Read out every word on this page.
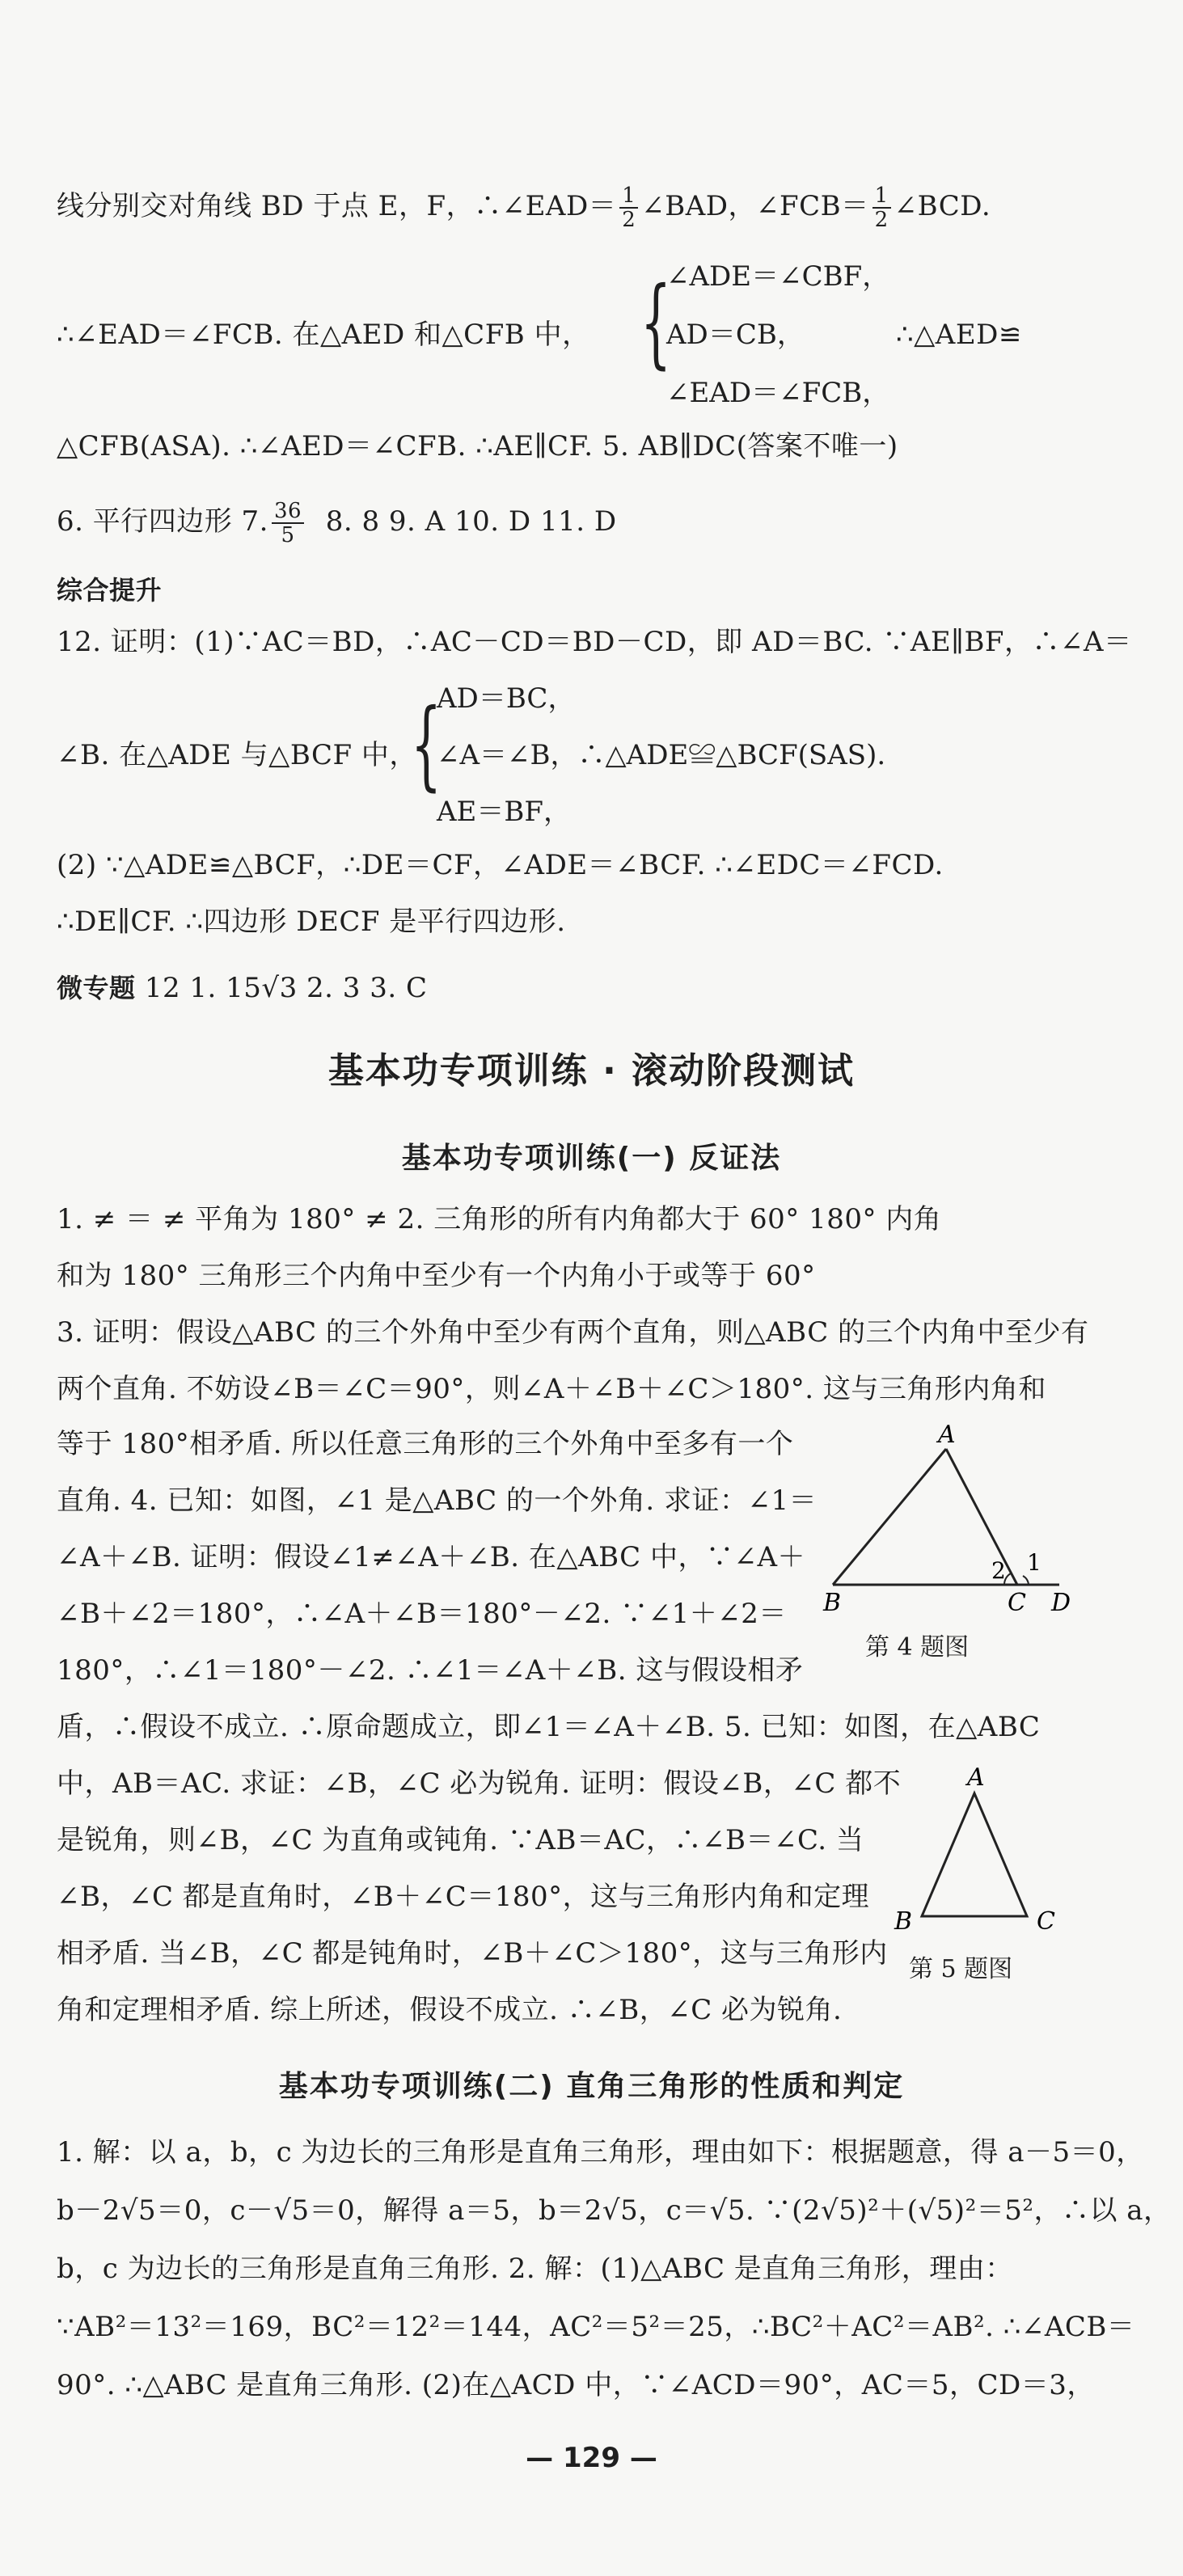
线分别交对角线 BD 于点 E，F，∴∠EAD＝ $\frac{1}{2}$ ∠BAD，∠FCB＝ $\frac{1}{2}$ ∠BCD.
∴∠EAD＝∠FCB. 在△AED 和△CFB 中， {
∠ADE＝∠CBF，
AD＝CB，
∠EAD＝∠FCB，
∴△AED≌
△CFB(ASA). ∴∠AED＝∠CFB. ∴AE∥CF. 5. AB∥DC(答案不唯一)
6. 平行四边形 7. $\frac{36}{5} 8$. 8 9. A 10. D 11. D
综合提升
12. 证明：(1)∵AC＝BD，∴AC－CD＝BD－CD，即 AD＝BC. ∵AE∥BF，∴∠A＝
∠B. 在△ADE 与△BCF 中，
{
AD＝BC，
∠A＝∠B，∴△ADE≌△BCF(SAS).
AE＝BF，
(2) ∵△ADE≌△BCF，∴DE＝CF，∠ADE＝∠BCF. ∴∠EDC＝∠FCD.
∴DE∥CF. ∴四边形 DECF 是平行四边形.
微专题 12 1. 15√3 2. 3 3. C
基本功专项训练 · 滚动阶段测试
基本功专项训练(一) 反证法
1. ≠ ＝ ≠ 平角为 180° ≠ 2. 三角形的所有内角都大于 60° 180° 内角
和为 180° 三角形三个内角中至少有一个内角小于或等于 60°
3. 证明：假设△ABC 的三个外角中至少有两个直角，则△ABC 的三个内角中至少有
两个直角. 不妨设∠B＝∠C＝90°，则∠A＋∠B＋∠C＞180°. 这与三角形内角和
等于 180°相矛盾. 所以任意三角形的三个外角中至多有一个
直角. 4. 已知：如图，∠1 是△ABC 的一个外角. 求证：∠1＝
∠A＋∠B. 证明：假设∠1≠∠A＋∠B. 在△ABC 中，∵∠A＋
∠B＋∠2＝180°，∴∠A＋∠B＝180°－∠2. ∵∠1＋∠2＝
180°，∴∠1＝180°－∠2. ∴∠1＝∠A＋∠B. 这与假设相矛
盾，∴假设不成立. ∴原命题成立，即∠1＝∠A＋∠B. 5. 已知：如图，在△ABC
中，AB＝AC. 求证：∠B，∠C 必为锐角. 证明：假设∠B，∠C 都不
是锐角，则∠B，∠C 为直角或钝角. ∵AB＝AC，∴∠B＝∠C. 当
∠B，∠C 都是直角时，∠B＋∠C＝180°，这与三角形内角和定理
相矛盾. 当∠B，∠C 都是钝角时，∠B＋∠C＞180°，这与三角形内
角和定理相矛盾. 综上所述，假设不成立. ∴∠B，∠C 必为锐角.
A
B	C D
2 1
第 4 题图
A
B	C
第 5 题图
基本功专项训练(二) 直角三角形的性质和判定
1. 解：以 a，b，c 为边长的三角形是直角三角形，理由如下：根据题意，得 a－5＝0，
b－2√5＝0，c－√5＝0，解得 a＝5，b＝2√5，c＝√5. ∵(2√5)²＋(√5)²＝5²，∴以 a，
b，c 为边长的三角形是直角三角形. 2. 解：(1)△ABC 是直角三角形，理由：
∵AB²＝13²＝169，BC²＝12²＝144，AC²＝5²＝25，∴BC²＋AC²＝AB². ∴∠ACB＝
90°. ∴△ABC 是直角三角形. (2)在△ACD 中，∵∠ACD＝90°，AC＝5，CD＝3，
— 129 —
